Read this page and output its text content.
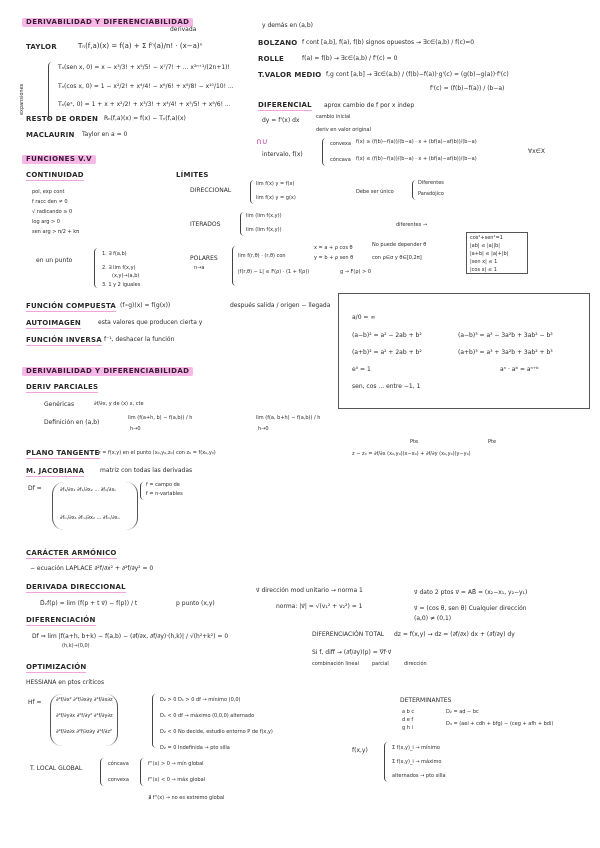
DERIVABILIDAD Y DIFERENCIABILIDAD
TAYLOR
derivada
Tₙ(f,a)(x) = f(a) + Σ fⁿ(a)/n! · (x−a)ⁿ
expansiones
Tₙ(sen x, 0) = x − x³/3! + x⁵/5! − x⁷/7! + ... x²ⁿ⁺¹/(2n+1)!
Tₙ(cos x, 0) = 1 − x²/2! + x⁴/4! − x⁶/6! + x⁸/8! − x¹⁰/10! ...
Tₙ(eˣ, 0) = 1 + x + x²/2! + x³/3! + x⁴/4! + x⁵/5! + x⁶/6! ...
RESTO DE ORDEN Rₙ(f,a)(x) = f(x) − Tₙ(f,a)(x)
MACLAURIN Taylor en a = 0
y demás en (a,b)
BOLZANO f cont [a,b], f(a), f(b) signos opuestos → ∃c∈(a,b) / f(c)=0
ROLLE	f(a) = f(b) → ∃c∈(a,b) / f'(c) = 0
T.VALOR MEDIO f,g cont [a,b] → ∃c∈(a,b) / (f(b)−f(a))·g'(c) = (g(b)−g(a))·f'(c)
f'(c) = (f(b)−f(a)) / (b−a)
DIFERENCIAL aprox cambio de f por x indep
dy = f'(x) dx	cambio inicial
deriv en valor original
∩∪
intervalo, f(x)
convexa
cóncava
f(x) ≥ (f(b)−f(a))/(b−a) · x + (bf(a)−af(b))/(b−a)
f(x) ≤ (f(b)−f(a))/(b−a) · x + (bf(a)−af(b))/(b−a)
∀x∈X
FUNCIONES V.V
CONTINUIDAD	LÍMITES
pol, exp cont
f racc den ≠ 0
√ radicando ≥ 0
log arg > 0
sen arg > π/2 + kπ
en un punto
1. ∃ f(a,b)
2. ∃ lim f(x,y)
(x,y)→(a,b)
3. 1 y 2 iguales
DIRECCIONAL
lim f(x) y = f(x)
lim f(x) y = g(x)
Debe ser único
Diferentes
Paradójico
ITERADOS
lim (lim f(x,y))
lim (lim f(x,y))
diferentes →
POLARES
n→a
lim f(r,θ) · (r,θ) con
x = a + ρ cos θ
y = b + ρ sen θ
|f(r,θ) − L| ≤ F(ρ) · (1 + f(ρ))	g → F(ρ) > 0
No puede depender θ
con ρ∈σ y θ∈[0,2π]
cos²+sen²=1
|ab| ≤ |a||b|
|a+b| ≤ |a|+|b|
|sen x| ≤ 1
|cos x| ≤ 1
FUNCIÓN COMPUESTA (f∘g)(x) = f(g(x))	después salida / origen − llegada
AUTOIMAGEN	esta valores que producen cierta y
FUNCIÓN INVERSA f⁻¹, deshacer la función
a/0 = ∞
(a−b)² = a² − 2ab + b²	(a−b)³ = a³ − 3a²b + 3ab² − b³
(a+b)² = a² + 2ab + b²	(a+b)³ = a³ + 3a²b + 3ab² + b³
e⁰ = 1	aⁿ · aᵇ = aⁿ⁺ᵇ
sen, cos ... entre −1, 1
DERIVABILIDAD Y DIFERENCIABILIDAD
DERIV PARCIALES
Genéricas	∂f/∂x, y de (x) x, cte
Definición en (a,b)
lim (f(a+h, b) − f(a,b)) / h
h→0
lim (f(a, b+h) − f(a,b)) / h
h→0
PLANO TANGENTE
z = f(x,y) en el punto (x₀,y₀,z₀) con z₀ = f(x₀,y₀)	z − z₀ = ∂f/∂x (x₀,y₀)(x−x₀) + ∂f/∂y (x₀,y₀)(y−y₀)
Pte	Pte
M. JACOBIANA	matriz con todas las derivadas
Df =	∂f₁/∂x₁ ∂f₁/∂x₂ ... ∂f₁/∂xₙ
∂fₘ/∂x₁ ∂fₘ/∂x₂ ... ∂fₘ/∂xₙ
f = campo de
f = n-variables
CARÁCTER ARMÓNICO
− ecuación LAPLACE ∂²f/∂x² + ∂²f/∂y² = 0
DERIVADA DIRECCIONAL
D⃗ᵥf(p) = lim (f(p + t v⃗) − f(p)) / t	p punto (x,y)
v⃗ dirección mod unitario → norma 1
norma: |v⃗| = √(v₁² + v₂²) = 1
v⃗ dato 2 ptos v⃗ = AB⃗ = (x₂−x₁, y₂−y₁)
v⃗ = (cos θ, sen θ) Cualquier dirección
(a,0) ≠ (0,1)
DIFERENCIACIÓN
Df ⇒ lim |f(a+h, b+k) − f(a,b) − (∂f/∂x, ∂f/∂y)·(h,k)| / √(h²+k²) = 0
(h,k)→(0,0)
DIFERENCIACIÓN TOTAL dz = f(x,y) → dz = (∂f/∂x) dx + (∂f/∂y) dy
Si f, diff → (∂f/∂y)(p) = ∇f·v⃗
combinación lineal	parcial	dirección
OPTIMIZACIÓN
HESSIANA en ptos críticos
Hf =	∂²f/∂x² ∂²f/∂x∂y ∂²f/∂x∂z
∂²f/∂y∂x ∂²f/∂y² ∂²f/∂y∂z
∂²f/∂z∂x ∂²f/∂z∂y ∂²f/∂z²
D₂ > 0 D₁ > 0 df → mínimo (0,0)
D₁ < 0 df → máximo (0,0,0) alternado
D₂ < 0 No decide, estudio entorno P de f(x,y)
D₂ = 0 Indefinida → pto silla
DETERMINANTES
a b c
d e f
g h i
D₂ = ad − bc
D₃ = (aei + cdh + bfg) − (ceg + afh + bdi)
f(x,y)	Σ f(x,y)_i → mínimo
Σ f(x,y)_i → máximo
alternados → pto silla
T. LOCAL GLOBAL
cóncava
convexa
f''(x) > 0 → mín global
f''(x) < 0 → máx global
∄ f''(x) → no es extremo global
